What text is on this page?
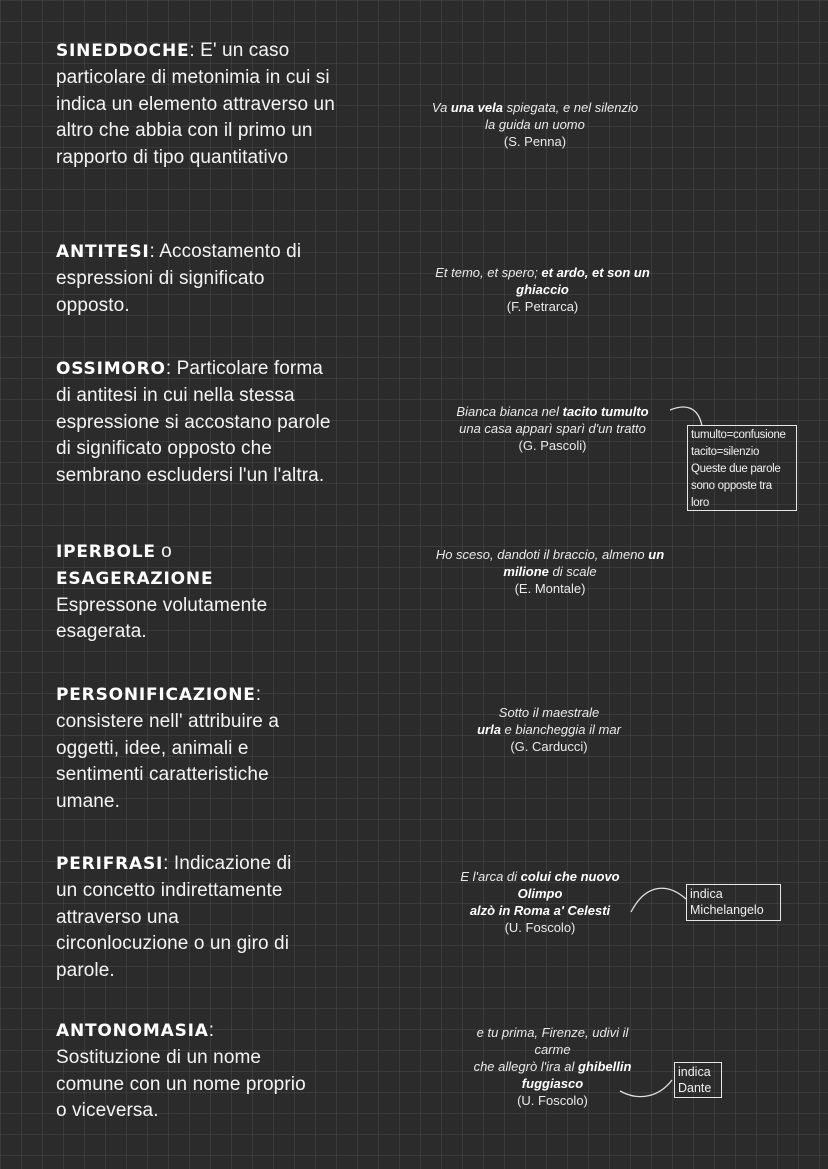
SINEDDOCHE: E' un caso particolare di metonimia in cui si indica un elemento attraverso un altro che abbia con il primo un rapporto di tipo quantitativo
Va una vela spiegata, e nel silenzio
la guida un uomo
(S. Penna)
ANTITESI: Accostamento di espressioni di significato opposto.
Et temo, et spero; et ardo, et son un
ghiaccio
(F. Petrarca)
OSSIMORO: Particolare forma di antitesi in cui nella stessa espressione si accostano parole di significato opposto che sembrano escludersi l'un l'altra.
Bianca bianca nel tacito tumulto
una casa apparì sparì d'un tratto
(G. Pascoli)
tumulto=confusione
tacito=silenzio
Queste due parole
sono opposte tra
loro
IPERBOLE o
ESAGERAZIONE
Espressone volutamente esagerata.
Ho sceso, dandoti il braccio, almeno un
milione di scale
(E. Montale)
PERSONIFICAZIONE:
consistere nell' attribuire a oggetti, idee, animali e sentimenti caratteristiche umane.
Sotto il maestrale
urla e biancheggia il mar
(G. Carducci)
PERIFRASI: Indicazione di un concetto indirettamente attraverso una circonlocuzione o un giro di parole.
E l'arca di colui che nuovo
Olimpo
alzò in Roma a' Celesti
(U. Foscolo)
indica
Michelangelo
ANTONOMASIA:
Sostituzione di un nome comune con un nome proprio o viceversa.
e tu prima, Firenze, udivi il
carme
che allegrò l'ira al ghibellin
fuggiasco
(U. Foscolo)
indica
Dante
